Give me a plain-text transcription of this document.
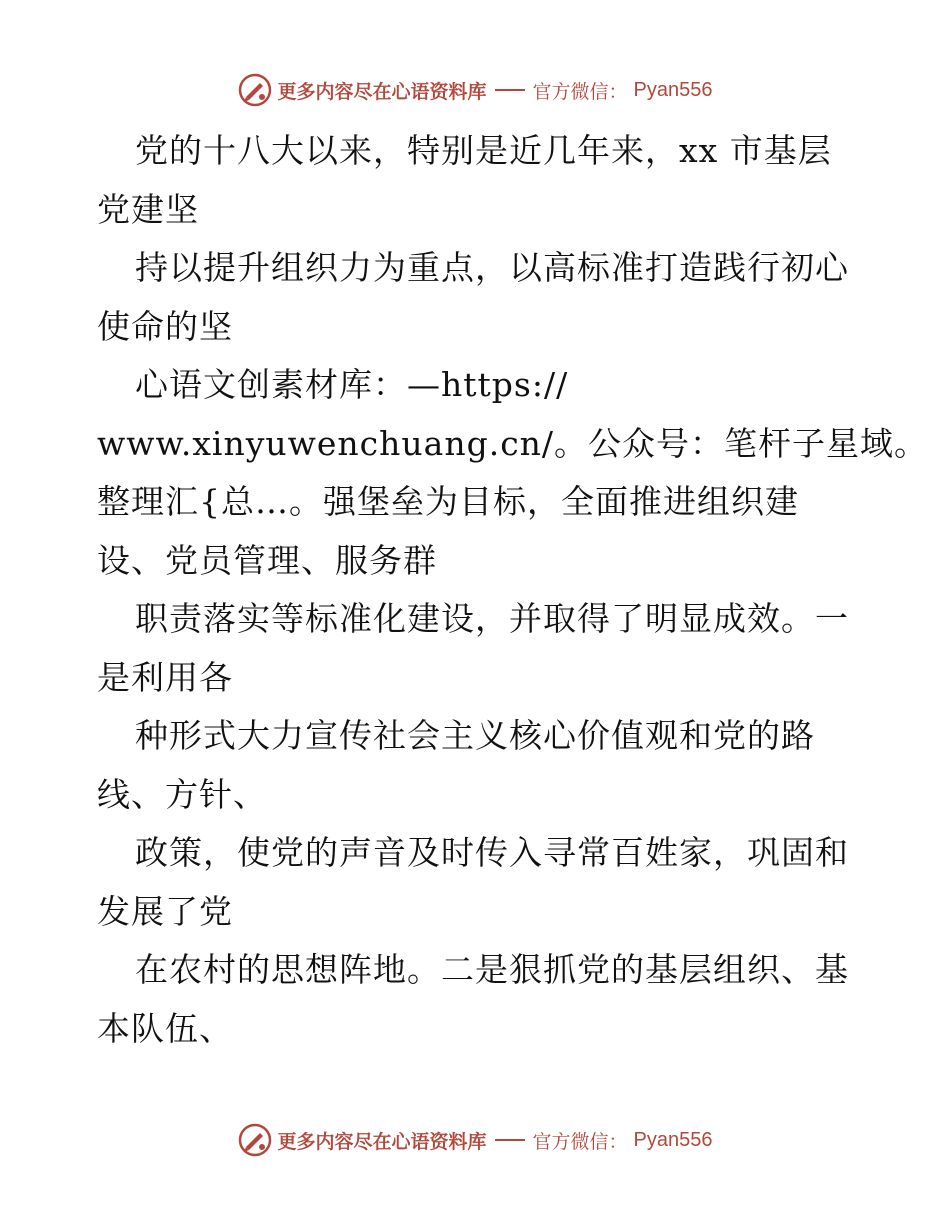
更多内容尽在心语资料库 官方微信： Pyan556
党的十八大以来，特别是近几年来，xx 市基层
党建坚
持以提升组织力为重点，以高标准打造践行初心
使命的坚
心语文创素材库：—https://
www.xinyuwenchuang.cn/。公众号：笔杆子星域。
整理汇{总…。强堡垒为目标，全面推进组织建
设、党员管理、服务群
职责落实等标准化建设，并取得了明显成效。一
是利用各
种形式大力宣传社会主义核心价值观和党的路
线、方针、
政策，使党的声音及时传入寻常百姓家，巩固和
发展了党
在农村的思想阵地。二是狠抓党的基层组织、基
本队伍、
更多内容尽在心语资料库 官方微信： Pyan556
